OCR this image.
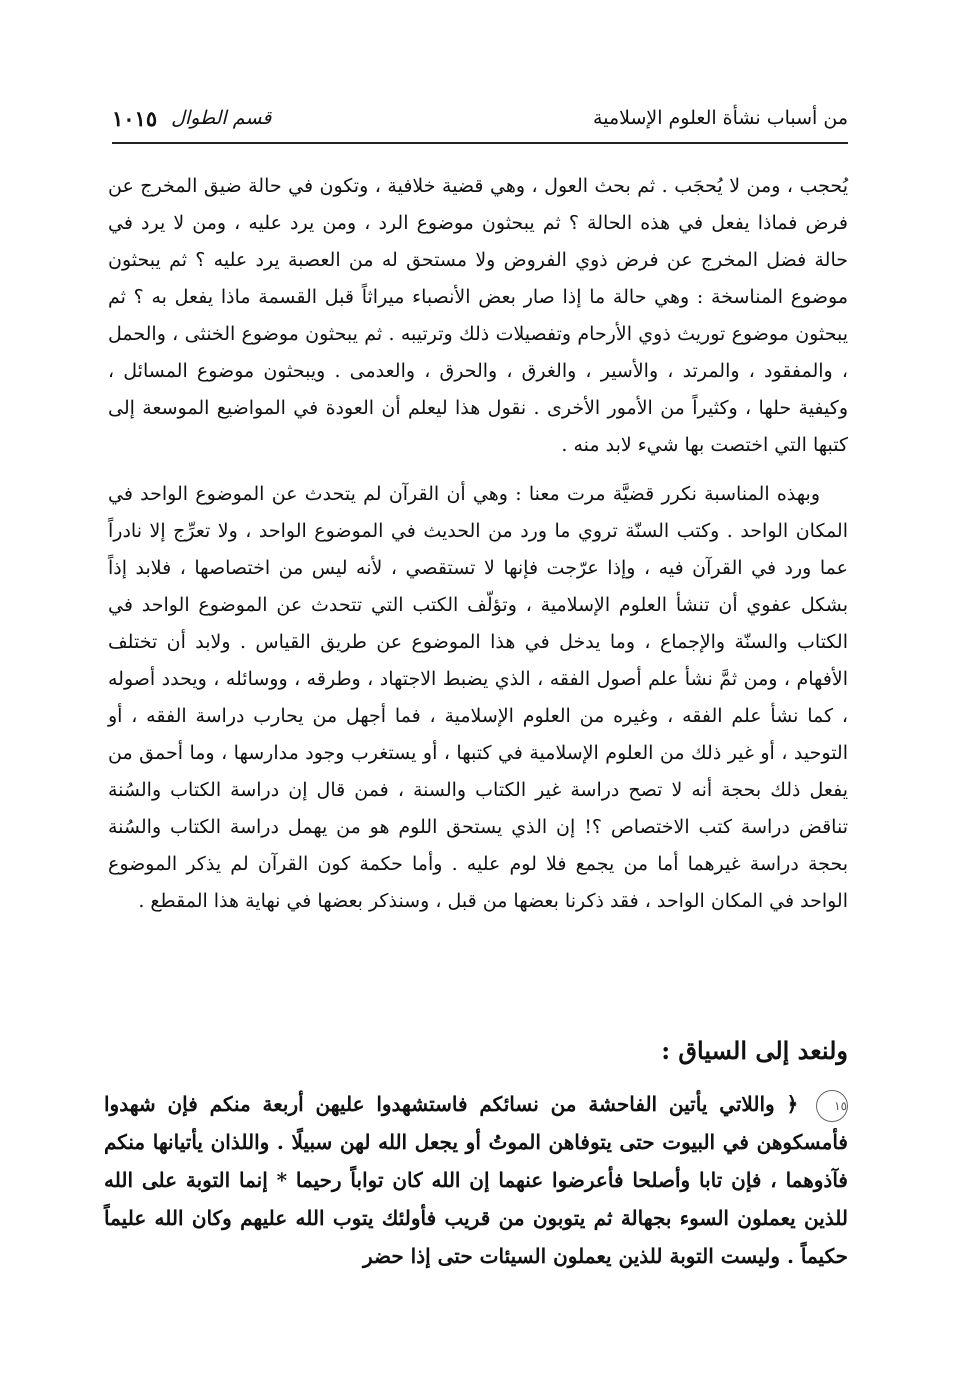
من أسباب نشأة العلوم الإسلامية
قسم الطوال
١٠١٥

يُحجب ، ومن لا يُحجَب . ثم بحث العول ، وهي قضية خلافية ، وتكون في حالة ضيق المخرج عن فرض فماذا يفعل في هذه الحالة ؟ ثم يبحثون موضوع الرد ، ومن يرد عليه ، ومن لا يرد في حالة فضل المخرج عن فرض ذوي الفروض ولا مستحق له من العصبة يرد عليه ؟ ثم يبحثون موضوع المناسخة : وهي حالة ما إذا صار بعض الأنصباء ميراثاً قبل القسمة ماذا يفعل به ؟ ثم يبحثون موضوع توريث ذوي الأرحام وتفصيلات ذلك وترتيبه . ثم يبحثون موضوع الخنثى ، والحمل ، والمفقود ، والمرتد ، والأسير ، والغرق ، والحرق ، والعدمى . ويبحثون موضوع المسائل ، وكيفية حلها ، وكثيراً من الأمور الأخرى . نقول هذا ليعلم أن العودة في المواضيع الموسعة إلى كتبها التي اختصت بها شيء لابد منه .

وبهذه المناسبة نكرر قضيَّة مرت معنا : وهي أن القرآن لم يتحدث عن الموضوع الواحد في المكان الواحد . وكتب السنّة تروي ما ورد من الحديث في الموضوع الواحد ، ولا تعرِّج إلا نادراً عما ورد في القرآن فيه ، وإذا عرّجت فإنها لا تستقصي ، لأنه ليس من اختصاصها ، فلابد إذاً بشكل عفوي أن تنشأ العلوم الإسلامية ، وتؤلّف الكتب التي تتحدث عن الموضوع الواحد في الكتاب والسنّة والإجماع ، وما يدخل في هذا الموضوع عن طريق القياس . ولابد أن تختلف الأفهام ، ومن ثمَّ نشأ علم أصول الفقه ، الذي يضبط الاجتهاد ، وطرقه ، ووسائله ، ويحدد أصوله ، كما نشأ علم الفقه ، وغيره من العلوم الإسلامية ، فما أجهل من يحارب دراسة الفقه ، أو التوحيد ، أو غير ذلك من العلوم الإسلامية في كتبها ، أو يستغرب وجود مدارسها ، وما أحمق من يفعل ذلك بحجة أنه لا تصح دراسة غير الكتاب والسنة ، فمن قال إن دراسة الكتاب والسُنة تناقض دراسة كتب الاختصاص ؟! إن الذي يستحق اللوم هو من يهمل دراسة الكتاب والسُنة بحجة دراسة غيرهما أما من يجمع فلا لوم عليه . وأما حكمة كون القرآن لم يذكر الموضوع الواحد في المكان الواحد ، فقد ذكرنا بعضها من قبل ، وسنذكر بعضها في نهاية هذا المقطع .

ولنعد إلى السياق :
١٥ ﴿ واللاتي يأتين الفاحشة من نسائكم فاستشهدوا عليهن أربعة منكم فإن شهدوا فأمسكوهن في البيوت حتى يتوفاهن الموتُ أو يجعل الله لهن سبيلًا . واللذان يأتيانها منكم فآذوهما ، فإن تابا وأصلحا فأعرضوا عنهما إن الله كان تواباً رحيما * إنما التوبة على الله للذين يعملون السوء بجهالة ثم يتوبون من قريب فأولئك يتوب الله عليهم وكان الله عليماً حكيماً . وليست التوبة للذين يعملون السيئات حتى إذا حضر
